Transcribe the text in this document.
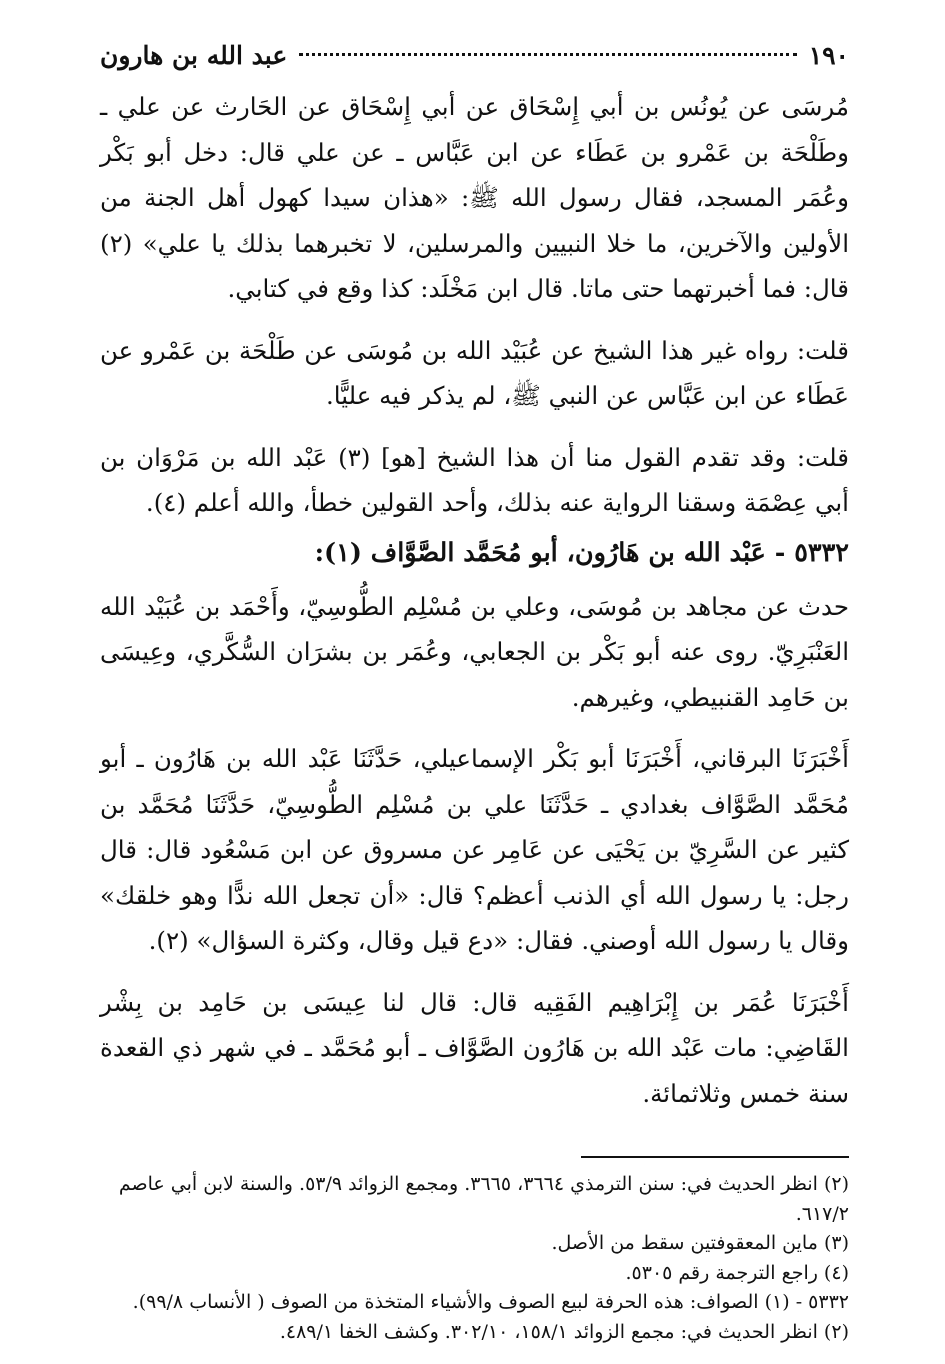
١٩٠
عبد الله بن هارون

مُرسَى عن يُونُس بن أبي إِسْحَاق عن أبي إِسْحَاق عن الحَارث عن علي ـ وطَلْحَة بن عَمْرو بن عَطَاء عن ابن عَبَّاس ـ عن علي قال: دخل أبو بَكْر وعُمَر المسجد، فقال رسول الله ﷺ: «هذان سيدا كهول أهل الجنة من الأولين والآخرين، ما خلا النبيين والمرسلين، لا تخبرهما بذلك يا علي» (٢) قال: فما أخبرتهما حتى ماتا. قال ابن مَخْلَد: كذا وقع في كتابي.

قلت: رواه غير هذا الشيخ عن عُبَيْد الله بن مُوسَى عن طَلْحَة بن عَمْرو عن عَطَاء عن ابن عَبَّاس عن النبي ﷺ، لم يذكر فيه عليًّا.

قلت: وقد تقدم القول منا أن هذا الشيخ [هو] (٣) عَبْد الله بن مَرْوَان بن أبي عِصْمَة وسقنا الرواية عنه بذلك، وأحد القولين خطأ، والله أعلم (٤).

٥٣٣٢ - عَبْد الله بن هَارُون، أبو مُحَمَّد الصَّوَّاف (١):

حدث عن مجاهد بن مُوسَى، وعلي بن مُسْلِم الطُّوسِيّ، وأَحْمَد بن عُبَيْد الله العَنْبَرِيّ. روى عنه أبو بَكْر بن الجعابي، وعُمَر بن بشرَان السُّكَّري، وعِيسَى بن حَامِد القنبيطي، وغيرهم.

أَخْبَرَنَا البرقاني، أَخْبَرَنَا أبو بَكْر الإسماعيلي، حَدَّثَنَا عَبْد الله بن هَارُون ـ أبو مُحَمَّد الصَّوَّاف بغدادي ـ حَدَّثَنَا علي بن مُسْلِم الطُّوسِيّ، حَدَّثَنَا مُحَمَّد بن كثير عن السَّرِيّ بن يَحْيَى عن عَامِر عن مسروق عن ابن مَسْعُود قال: قال رجل: يا رسول الله أي الذنب أعظم؟ قال: «أن تجعل الله ندًّا وهو خلقك» وقال يا رسول الله أوصني. فقال: «دع قيل وقال، وكثرة السؤال» (٢).

أَخْبَرَنَا عُمَر بن إِبْرَاهِيم الفَقِيه قال: قال لنا عِيسَى بن حَامِد بن بِشْر القَاضِي: مات عَبْد الله بن هَارُون الصَّوَّاف ـ أبو مُحَمَّد ـ في شهر ذي القعدة سنة خمس وثلاثمائة.

(٢) انظر الحديث في: سنن الترمذي ٣٦٦٤، ٣٦٦٥. ومجمع الزوائد ٥٣/٩. والسنة لابن أبي عاصم ٦١٧/٢.

(٣) ماين المعقوفتين سقط من الأصل.

(٤) راجع الترجمة رقم ٥٣٠٥.

٥٣٣٢ - (١) الصواف: هذه الحرفة لبيع الصوف والأشياء المتخذة من الصوف ( الأنساب ٩٩/٨).

(٢) انظر الحديث في: مجمع الزوائد ١٥٨/١، ٣٠٢/١٠. وكشف الخفا ٤٨٩/١.
